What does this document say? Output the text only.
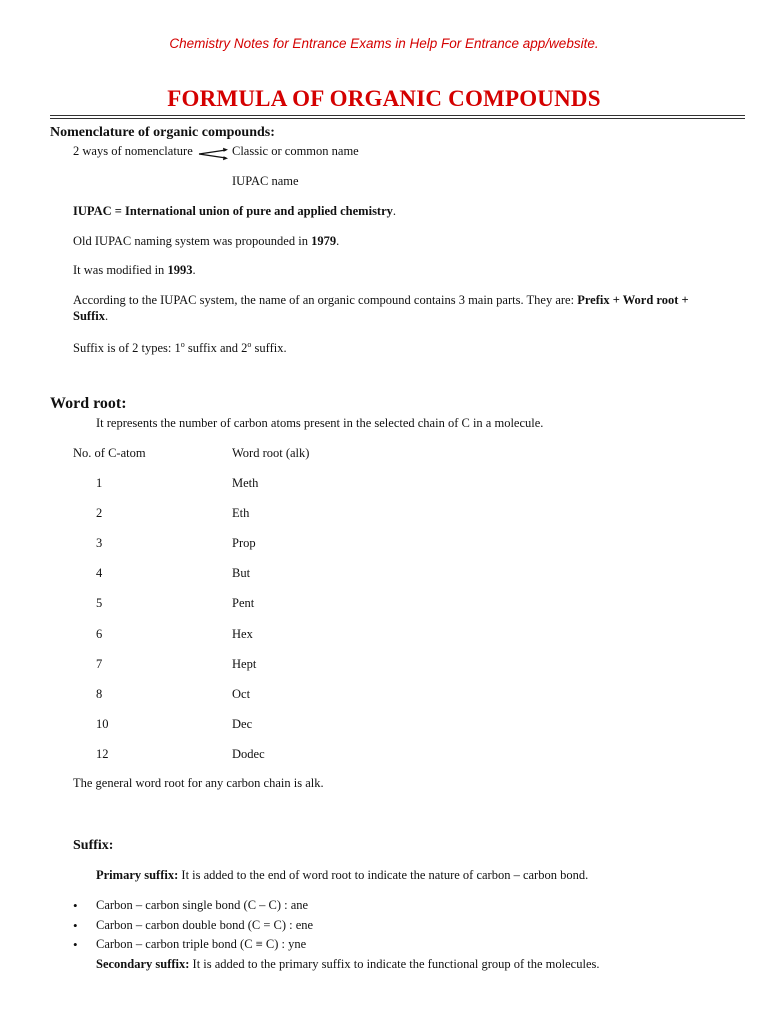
Chemistry Notes for Entrance Exams in Help For Entrance app/website.
FORMULA OF ORGANIC COMPOUNDS
Nomenclature of organic compounds:
2 ways of nomenclature	Classic or common name
IUPAC name
IUPAC = International union of pure and applied chemistry.
Old IUPAC naming system was propounded in 1979.
It was modified in 1993.
According to the IUPAC system, the name of an organic compound contains 3 main parts. They are: Prefix + Word root +
Suffix.
Suffix is of 2 types: 1$^o$ suffix and 2$^o$ suffix.
Word root:
It represents the number of carbon atoms present in the selected chain of C in a molecule.
No. of C-atom	Word root (alk)
1	Meth
2	Eth
3	Prop
4	But
5	Pent
6	Hex
7	Hept
8	Oct
10	Dec
12	Dodec
The general word root for any carbon chain is alk.
Suffix:
Primary suffix: It is added to the end of word root to indicate the nature of carbon – carbon bond.
• Carbon – carbon single bond (C – C) : ane
• Carbon – carbon double bond (C = C) : ene
• Carbon – carbon triple bond (C ≡ C) : yne
Secondary suffix: It is added to the primary suffix to indicate the functional group of the molecules.
